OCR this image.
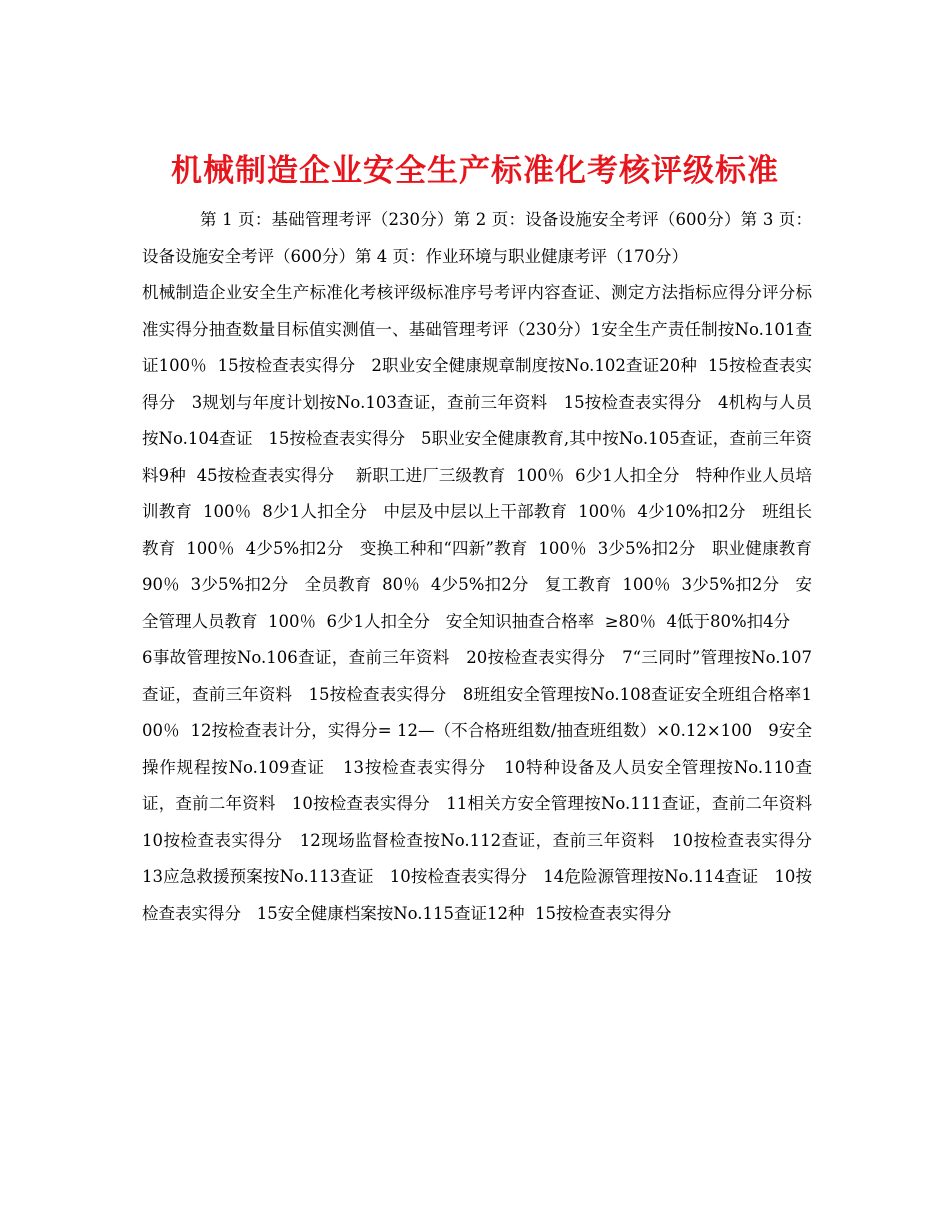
机械制造企业安全生产标准化考核评级标准

第 1 页：基础管理考评（230分）第 2 页：设备设施安全考评（600分）第 3 页：设备设施安全考评（600分）第 4 页：作业环境与职业健康考评（170分）

机械制造企业安全生产标准化考核评级标准序号考评内容查证、测定方法指标应得分评分标准实得分抽查数量目标值实测值一、基础管理考评（230分）1安全生产责任制按No.101查证100％  15按检查表实得分   2职业安全健康规章制度按No.102查证20种  15按检查表实得分   3规划与年度计划按No.103查证，查前三年资料   15按检查表实得分   4机构与人员按No.104查证   15按检查表实得分   5职业安全健康教育,其中按No.105查证，查前三年资料9种  45按检查表实得分    新职工进厂三级教育  100％  6少1人扣全分   特种作业人员培训教育  100％  8少1人扣全分   中层及中层以上干部教育  100％  4少10%扣2分   班组长教育  100％  4少5%扣2分   变换工种和“四新”教育  100％  3少5%扣2分   职业健康教育  90％  3少5%扣2分   全员教育  80％  4少5%扣2分   复工教育  100％  3少5%扣2分   安全管理人员教育  100％  6少1人扣全分   安全知识抽查合格率  ≥80％  4低于80%扣4分

6事故管理按No.106查证，查前三年资料   20按检查表实得分   7“三同时”管理按No.107查证，查前三年资料   15按检查表实得分   8班组安全管理按No.108查证安全班组合格率100％  12按检查表计分，实得分= 12—（不合格班组数/抽查班组数）×0.12×100   9安全操作规程按No.109查证   13按检查表实得分   10特种设备及人员安全管理按No.110查证，查前二年资料   10按检查表实得分   11相关方安全管理按No.111查证，查前二年资料   10按检查表实得分   12现场监督检查按No.112查证，查前三年资料   10按检查表实得分   13应急救援预案按No.113查证   10按检查表实得分   14危险源管理按No.114查证   10按检查表实得分   15安全健康档案按No.115查证12种  15按检查表实得分
